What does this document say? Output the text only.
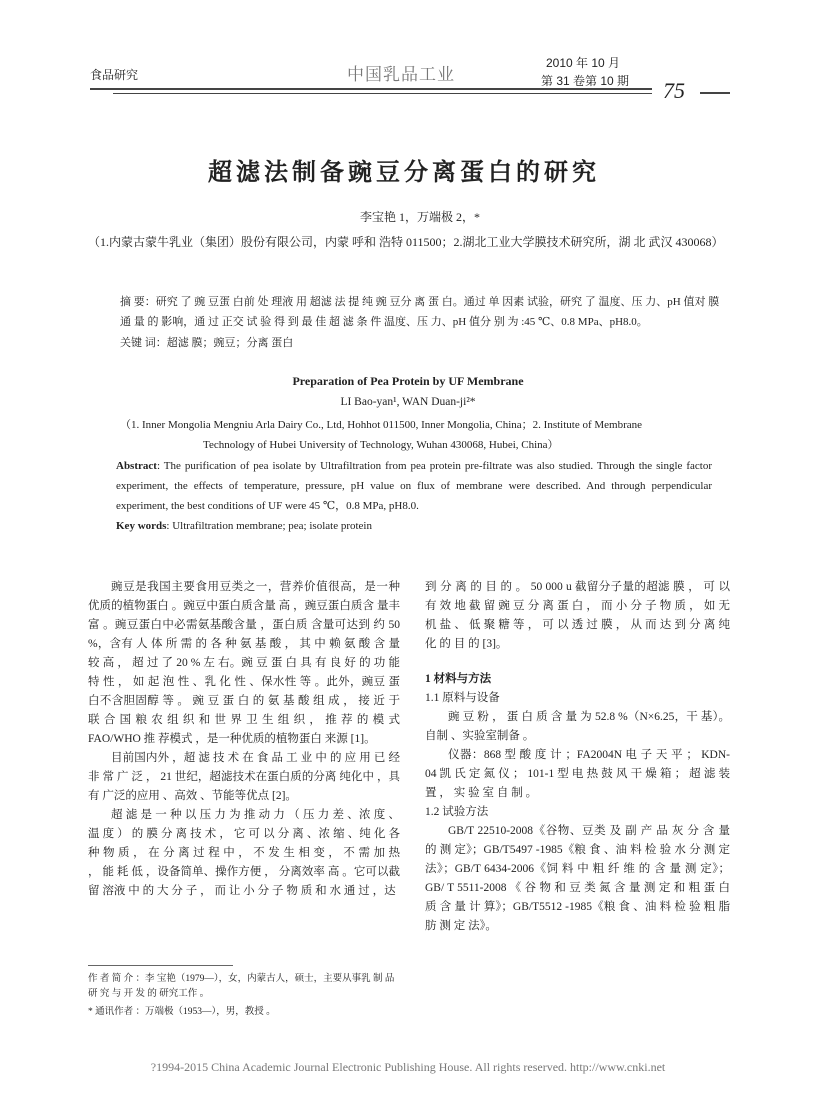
食品研究	中国乳品工业
2010 年 10 月
第 31 卷第 10 期 75
超滤法制备豌豆分离蛋白的研究
李宝艳 1，万端极 2，*
（1.内蒙古蒙牛乳业（集团）股份有限公司，内蒙 呼和 浩特 011500；2.湖北工业大学膜技术研究所，湖 北 武汉 430068）
摘 要：研究 了 豌 豆蛋 白前 处 理液 用 超滤 法 提 纯 豌 豆分 离 蛋 白。通过 单 因素 试验，研究 了 温度、压 力、pH 值对 膜通 量 的 影响，通 过 正交 试 验 得 到 最 佳 超 滤 条 件 温度、压 力、pH 值分 别 为 :45 ℃、0.8 MPa、pH8.0。
关键 词：超滤 膜；豌豆；分离 蛋白
Preparation of Pea Protein by UF Membrane
LI Bao-yan¹, WAN Duan-ji²*
（1. Inner Mongolia Mengniu Arla Dairy Co., Ltd, Hohhot 011500, Inner Mongolia, China；2. Institute of Membrane
Technology of Hubei University of Technology, Wuhan 430068, Hubei, China）
Abstract: The purification of pea isolate by Ultrafiltration from pea protein pre-filtrate was also studied. Through the single factor experiment, the effects of temperature, pressure, pH value on flux of membrane were described. And through perpendicular experiment, the best conditions of UF were 45 ℃，0.8 MPa, pH8.0.
Key words: Ultrafiltration membrane; pea; isolate protein

豌豆是我国主要食用豆类之一，营养价值很高，是一种 优质的植物蛋白 。豌豆中蛋白质含量 高 ，豌豆蛋白质含 量丰富 。豌豆蛋白中必需氨基酸含量 ，蛋白质 含量可达到 约 50 %，含有 人 体 所 需 的 各 种 氨 基 酸 ， 其 中 赖 氨 酸 含 量 较 高 ， 超 过 了 20 % 左 右。豌 豆 蛋 白 具 有 良 好 的 功 能 特 性 ， 如 起 泡 性 、乳 化 性 、保水性 等 。此外，豌豆 蛋白不含胆固醇 等 。 豌 豆 蛋 白 的 氨 基 酸 组 成 ， 接 近 于 联 合 国 粮 农 组 织 和 世 界 卫 生 组 织 ， 推 荐 的 模 式 FAO/WHO 推 荐模式 ，是一种优质的植物蛋白 来源 [1]。

目前国内外 ，超 滤 技 术 在 食 品 工 业 中 的 应 用 已 经 非 常 广 泛 ， 21 世纪，超滤技术在蛋白质的分离 纯化中 ，具 有 广泛的应用 、高效 、节能等优点 [2]。

超 滤 是 一 种 以 压 力 为 推 动 力 （ 压 力 差 、浓 度 、温 度 ） 的 膜 分 离 技 术 ， 它 可 以 分 离 、浓 缩 、纯 化 各 种 物 质 ， 在 分 离 过 程 中 ， 不 发 生 相 变 ， 不 需 加 热 ， 能 耗 低 ，设备简单、操作方便 ， 分离效率 高 。它可以截留 溶液 中 的 大 分 子 ， 而 让 小 分 子 物 质 和 水 通 过 ，达

作 者 简 介 ：李 宝艳（1979—），女，内蒙古人，硕士，主要从事乳 制 品 研 究 与 开 发 的 研究工作 。
* 通讯作者 ：万端极（1953—），男，教授 。

到 分 离 的 目 的 。 50 000 u 截留分子量的超滤 膜 ， 可 以 有 效 地 截 留 豌 豆 分 离 蛋 白 ， 而 小 分 子 物 质 ， 如 无 机 盐 、 低 聚 糖 等 ， 可 以 透 过 膜 ， 从 而 达 到 分 离 纯 化 的 目 的 [3]。

1 材料与方法

1.1 原料与设备

豌 豆 粉 ， 蛋 白 质 含 量 为 52.8 %（N×6.25，干 基）。 自制 、实验室制备 。

仪器：868 型 酸 度 计 ；FA2004N 电 子 天 平 ； KDN-04 凯 氏 定 氮 仪 ； 101-1 型 电 热 鼓 风 干 燥 箱 ； 超 滤 装 置 ， 实 验 室 自 制 。

1.2 试验方法

GB/T 22510-2008《谷物、豆类 及 副 产 品 灰 分 含 量 的 测 定》；GB/T5497 -1985《粮 食 、油 料 检 验 水 分 测 定 法》；GB/T 6434-2006《饲 料 中 粗 纤 维 的 含 量 测 定》；GB/ T 5511-2008 《 谷 物 和 豆 类 氮 含 量 测 定 和 粗 蛋 白 质 含 量 计 算》；GB/T5512 -1985《粮 食 、油 料 检 验 粗 脂 肪 测 定 法》。

?1994-2015 China Academic Journal Electronic Publishing House. All rights reserved. http://www.cnki.net
